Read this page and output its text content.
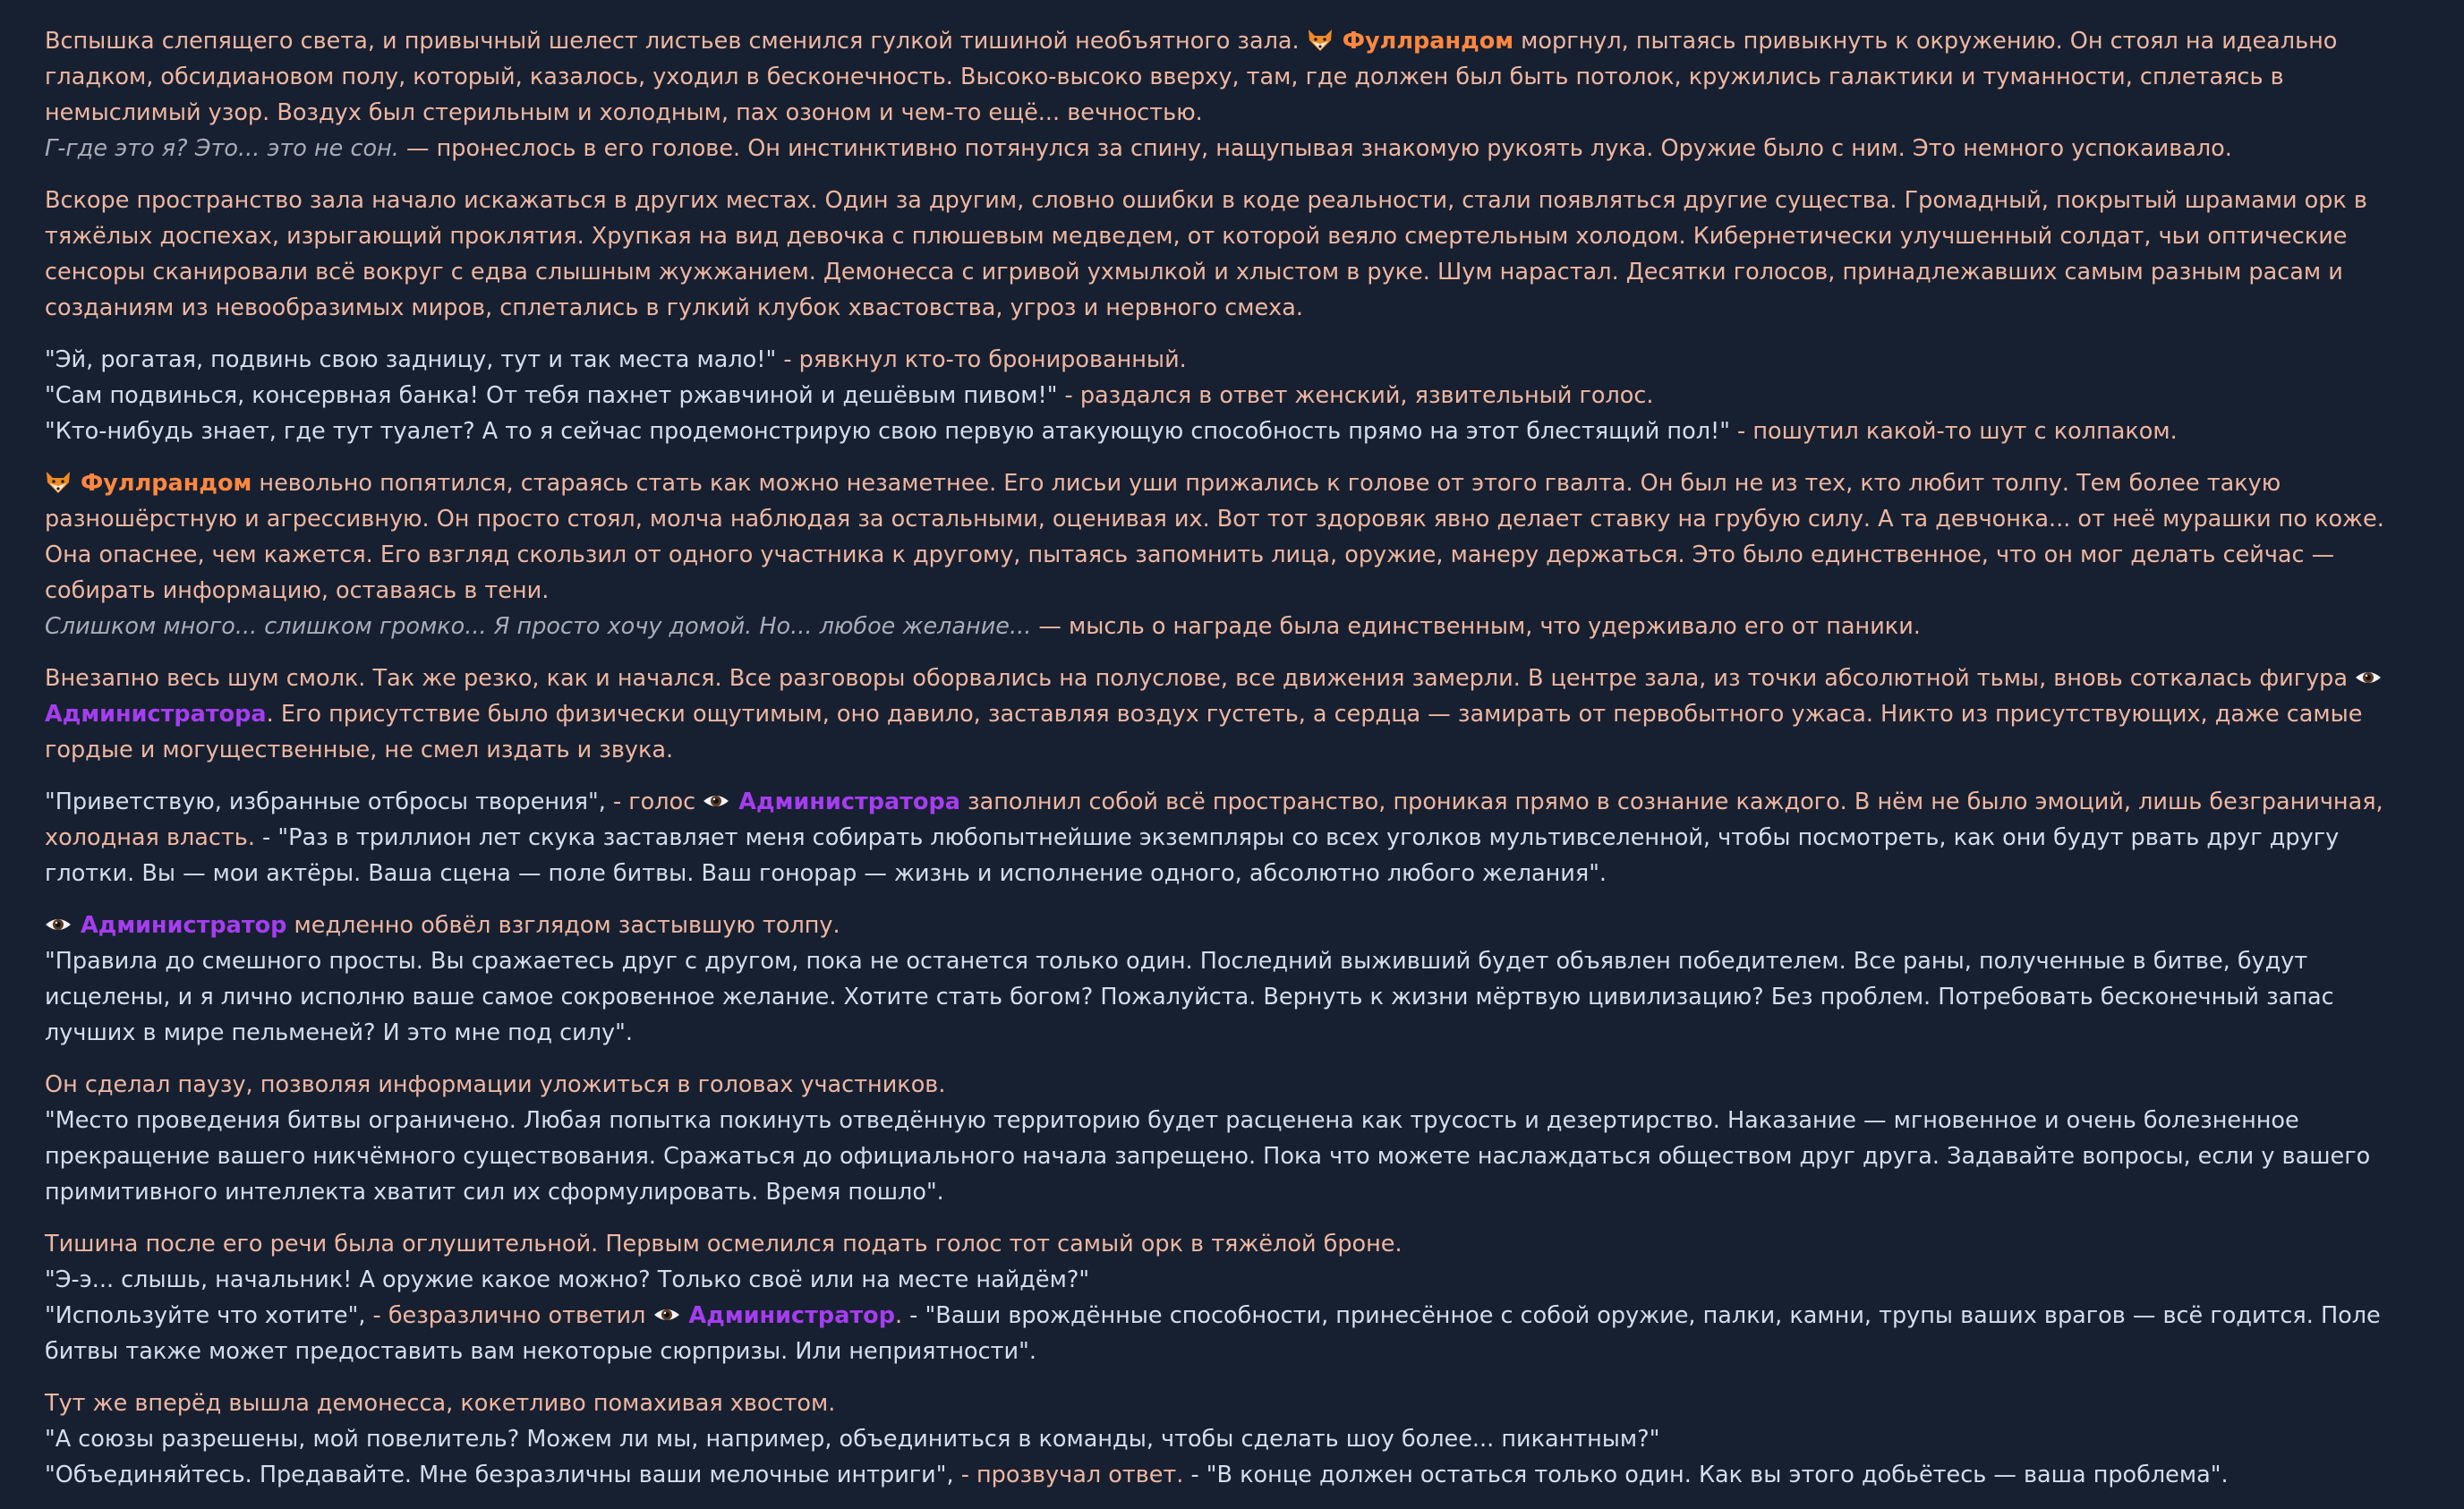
Вспышка слепящего света, и привычный шелест листьев сменился гулкой тишиной необъятного зала.
Фуллрандом моргнул, пытаясь привыкнуть к окружению. Он стоял на идеально гладком, обсидиановом полу, который, казалось, уходил в бесконечность. Высоко-высоко вверху, там, где должен был быть потолок, кружились галактики и туманности, сплетаясь в немыслимый узор. Воздух был стерильным и холодным, пах озоном и чем-то ещё... вечностью.
Г-где это я? Это... это не сон. — пронеслось в его голове. Он инстинктивно потянулся за спину, нащупывая знакомую рукоять лука. Оружие было с ним. Это немного успокаивало.
Вскоре пространство зала начало искажаться в других местах. Один за другим, словно ошибки в коде реальности, стали появляться другие существа. Громадный, покрытый шрамами орк в тяжёлых доспехах, изрыгающий проклятия. Хрупкая на вид девочка с плюшевым медведем, от которой веяло смертельным холодом. Кибернетически улучшенный солдат, чьи оптические сенсоры сканировали всё вокруг с едва слышным жужжанием. Демонесса с игривой ухмылкой и хлыстом в руке. Шум нарастал. Десятки голосов, принадлежавших самым разным расам и созданиям из невообразимых миров, сплетались в гулкий клубок хвастовства, угроз и нервного смеха.
"Эй, рогатая, подвинь свою задницу, тут и так места мало!" - рявкнул кто-то бронированный.
"Сам подвинься, консервная банка! От тебя пахнет ржавчиной и дешёвым пивом!" - раздался в ответ женский, язвительный голос.
"Кто-нибудь знает, где тут туалет? А то я сейчас продемонстрирую свою первую атакующую способность прямо на этот блестящий пол!" - пошутил какой-то шут с колпаком.
Фуллрандом невольно попятился, стараясь стать как можно незаметнее. Его лисьи уши прижались к голове от этого гвалта. Он был не из тех, кто любит толпу. Тем более такую разношёрстную и агрессивную. Он просто стоял, молча наблюдая за остальными, оценивая их. Вот тот здоровяк явно делает ставку на грубую силу. А та девчонка... от неё мурашки по коже. Она опаснее, чем кажется. Его взгляд скользил от одного участника к другому, пытаясь запомнить лица, оружие, манеру держаться. Это было единственное, что он мог делать сейчас — собирать информацию, оставаясь в тени.
Слишком много... слишком громко... Я просто хочу домой. Но... любое желание... — мысль о награде была единственным, что удерживало его от паники.
Внезапно весь шум смолк. Так же резко, как и начался. Все разговоры оборвались на полуслове, все движения замерли. В центре зала, из точки абсолютной тьмы, вновь соткалась фигура
Администратора. Его присутствие было физически ощутимым, оно давило, заставляя воздух густеть, а сердца — замирать от первобытного ужаса. Никто из присутствующих, даже самые гордые и могущественные, не смел издать и звука.
"Приветствую, избранные отбросы творения", - голос
Администратора заполнил собой всё пространство, проникая прямо в сознание каждого. В нём не было эмоций, лишь безграничная, холодная власть. - "Раз в триллион лет скука заставляет меня собирать любопытнейшие экземпляры со всех уголков мультивселенной, чтобы посмотреть, как они будут рвать друг другу глотки. Вы — мои актёры. Ваша сцена — поле битвы. Ваш гонорар — жизнь и исполнение одного, абсолютно любого желания".
Администратор медленно обвёл взглядом застывшую толпу.
"Правила до смешного просты. Вы сражаетесь друг с другом, пока не останется только один. Последний выживший будет объявлен победителем. Все раны, полученные в битве, будут исцелены, и я лично исполню ваше самое сокровенное желание. Хотите стать богом? Пожалуйста. Вернуть к жизни мёртвую цивилизацию? Без проблем. Потребовать бесконечный запас лучших в мире пельменей? И это мне под силу".
Он сделал паузу, позволяя информации уложиться в головах участников.
"Место проведения битвы ограничено. Любая попытка покинуть отведённую территорию будет расценена как трусость и дезертирство. Наказание — мгновенное и очень болезненное прекращение вашего никчёмного существования. Сражаться до официального начала запрещено. Пока что можете наслаждаться обществом друг друга. Задавайте вопросы, если у вашего примитивного интеллекта хватит сил их сформулировать. Время пошло".
Тишина после его речи была оглушительной. Первым осмелился подать голос тот самый орк в тяжёлой броне.
"Э-э... слышь, начальник! А оружие какое можно? Только своё или на месте найдём?"
"Используйте что хотите", - безразлично ответил
Администратор. - "Ваши врождённые способности, принесённое с собой оружие, палки, камни, трупы ваших врагов — всё годится. Поле битвы также может предоставить вам некоторые сюрпризы. Или неприятности".
Тут же вперёд вышла демонесса, кокетливо помахивая хвостом.
"А союзы разрешены, мой повелитель? Можем ли мы, например, объединиться в команды, чтобы сделать шоу более... пикантным?"
"Объединяйтесь. Предавайте. Мне безразличны ваши мелочные интриги", - прозвучал ответ. - "В конце должен остаться только один. Как вы этого добьётесь — ваша проблема".
